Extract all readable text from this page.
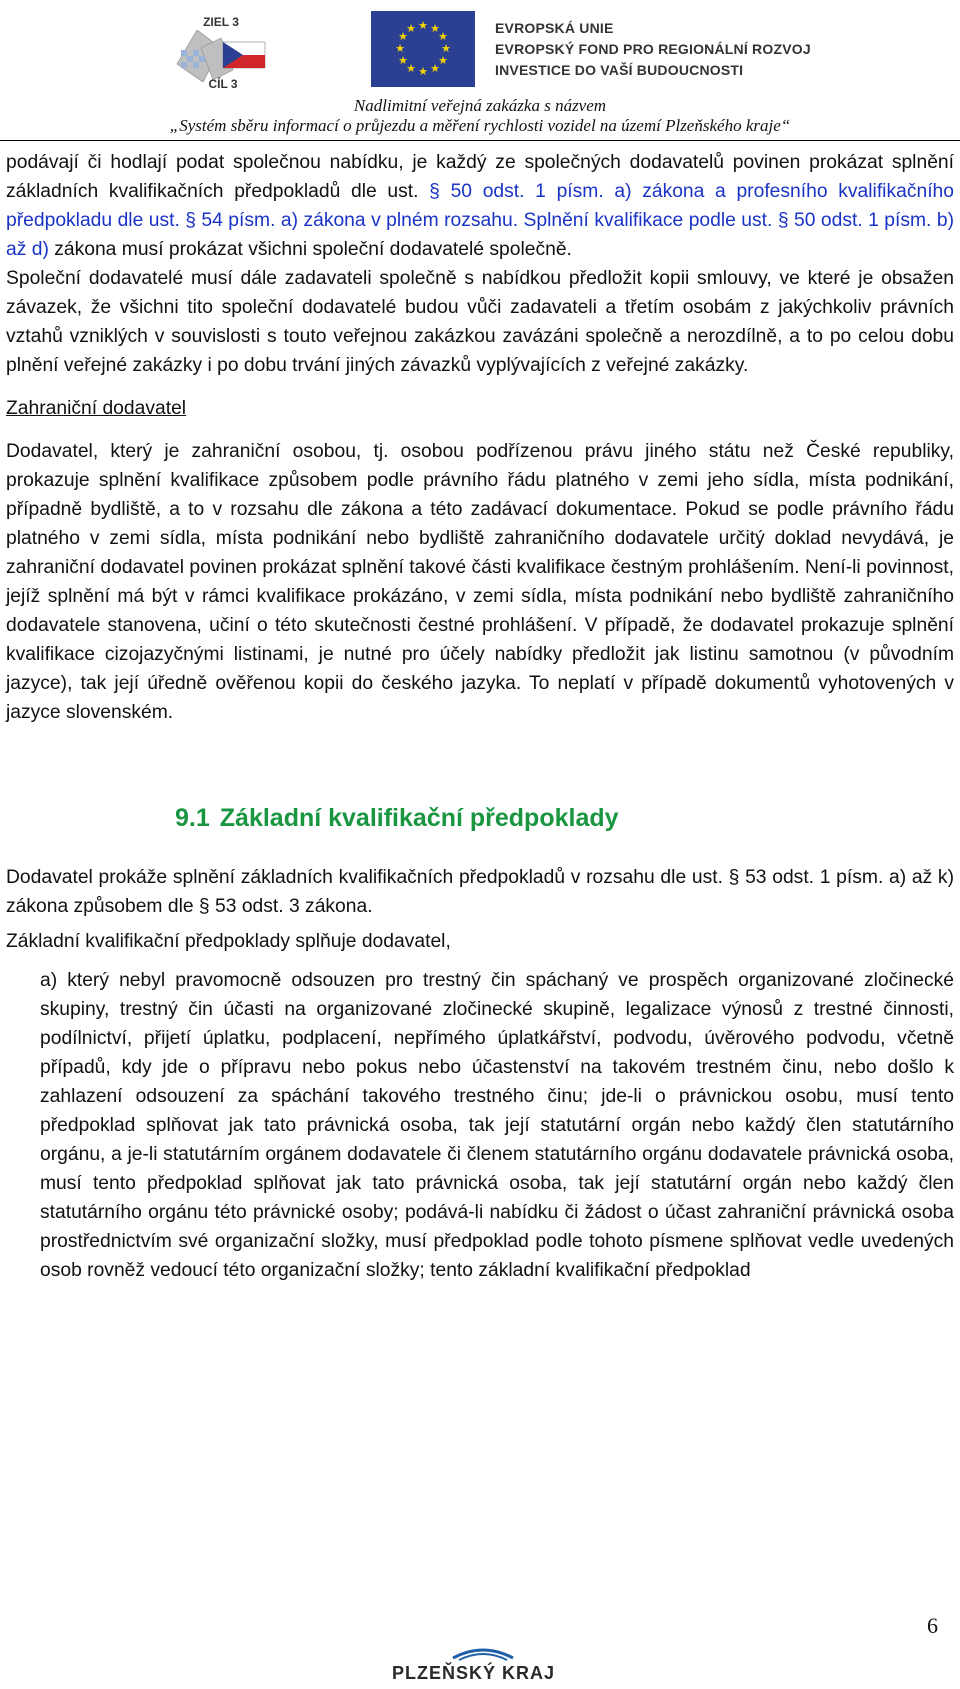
ZIEL 3
CÍL 3
★ ★
★
★
★
★
★
★
★
★
★
★	EVROPSKÁ UNIE
EVROPSKÝ FOND PRO REGIONÁLNÍ ROZVOJ
INVESTICE DO VAŠÍ BUDOUCNOSTI
Nadlimitní veřejná zakázka s názvem
„Systém sběru informací o průjezdu a měření rychlosti vozidel na území Plzeňského kraje“

podávají či hodlají podat společnou nabídku, je každý ze společných dodavatelů povinen prokázat splnění základních kvalifikačních předpokladů dle ust. § 50 odst. 1 písm. a) zákona a profesního kvalifikačního předpokladu dle ust. § 54 písm. a) zákona v plném rozsahu. Splnění kvalifikace podle ust. § 50 odst. 1 písm. b) až d) zákona musí prokázat všichni společní dodavatelé společně.

Společní dodavatelé musí dále zadavateli společně s nabídkou předložit kopii smlouvy, ve které je obsažen závazek, že všichni tito společní dodavatelé budou vůči zadavateli a třetím osobám z jakýchkoliv právních vztahů vzniklých v souvislosti s touto veřejnou zakázkou zavázáni společně a nerozdílně, a to po celou dobu plnění veřejné zakázky i po dobu trvání jiných závazků vyplývajících z veřejné zakázky.

Zahraniční dodavatel

Dodavatel, který je zahraniční osobou, tj. osobou podřízenou právu jiného státu než České republiky, prokazuje splnění kvalifikace způsobem podle právního řádu platného v zemi jeho sídla, místa podnikání, případně bydliště, a to v rozsahu dle zákona a této zadávací dokumentace. Pokud se podle právního řádu platného v zemi sídla, místa podnikání nebo bydliště zahraničního dodavatele určitý doklad nevydává, je zahraniční dodavatel povinen prokázat splnění takové části kvalifikace čestným prohlášením. Není-li povinnost, jejíž splnění má být v rámci kvalifikace prokázáno, v zemi sídla, místa podnikání nebo bydliště zahraničního dodavatele stanovena, učiní o této skutečnosti čestné prohlášení. V případě, že dodavatel prokazuje splnění kvalifikace cizojazyčnými listinami, je nutné pro účely nabídky předložit jak listinu samotnou (v původním jazyce), tak její úředně ověřenou kopii do českého jazyka. To neplatí v případě dokumentů vyhotovených v jazyce slovenském.

9.1 Základní kvalifikační předpoklady

Dodavatel prokáže splnění základních kvalifikačních předpokladů v rozsahu dle ust. § 53 odst. 1 písm. a) až k) zákona způsobem dle § 53 odst. 3 zákona.

Základní kvalifikační předpoklady splňuje dodavatel,

a) který nebyl pravomocně odsouzen pro trestný čin spáchaný ve prospěch organizované zločinecké skupiny, trestný čin účasti na organizované zločinecké skupině, legalizace výnosů z trestné činnosti, podílnictví, přijetí úplatku, podplacení, nepřímého úplatkářství, podvodu, úvěrového podvodu, včetně případů, kdy jde o přípravu nebo pokus nebo účastenství na takovém trestném činu, nebo došlo k zahlazení odsouzení za spáchání takového trestného činu; jde-li o právnickou osobu, musí tento předpoklad splňovat jak tato právnická osoba, tak její statutární orgán nebo každý člen statutárního orgánu, a je-li statutárním orgánem dodavatele či členem statutárního orgánu dodavatele právnická osoba, musí tento předpoklad splňovat jak tato právnická osoba, tak její statutární orgán nebo každý člen statutárního orgánu této právnické osoby; podává-li nabídku či žádost o účast zahraniční právnická osoba prostřednictvím své organizační složky, musí předpoklad podle tohoto písmene splňovat vedle uvedených osob rovněž vedoucí této organizační složky; tento základní kvalifikační předpoklad

6
PLZEŇSKÝ KRAJ
